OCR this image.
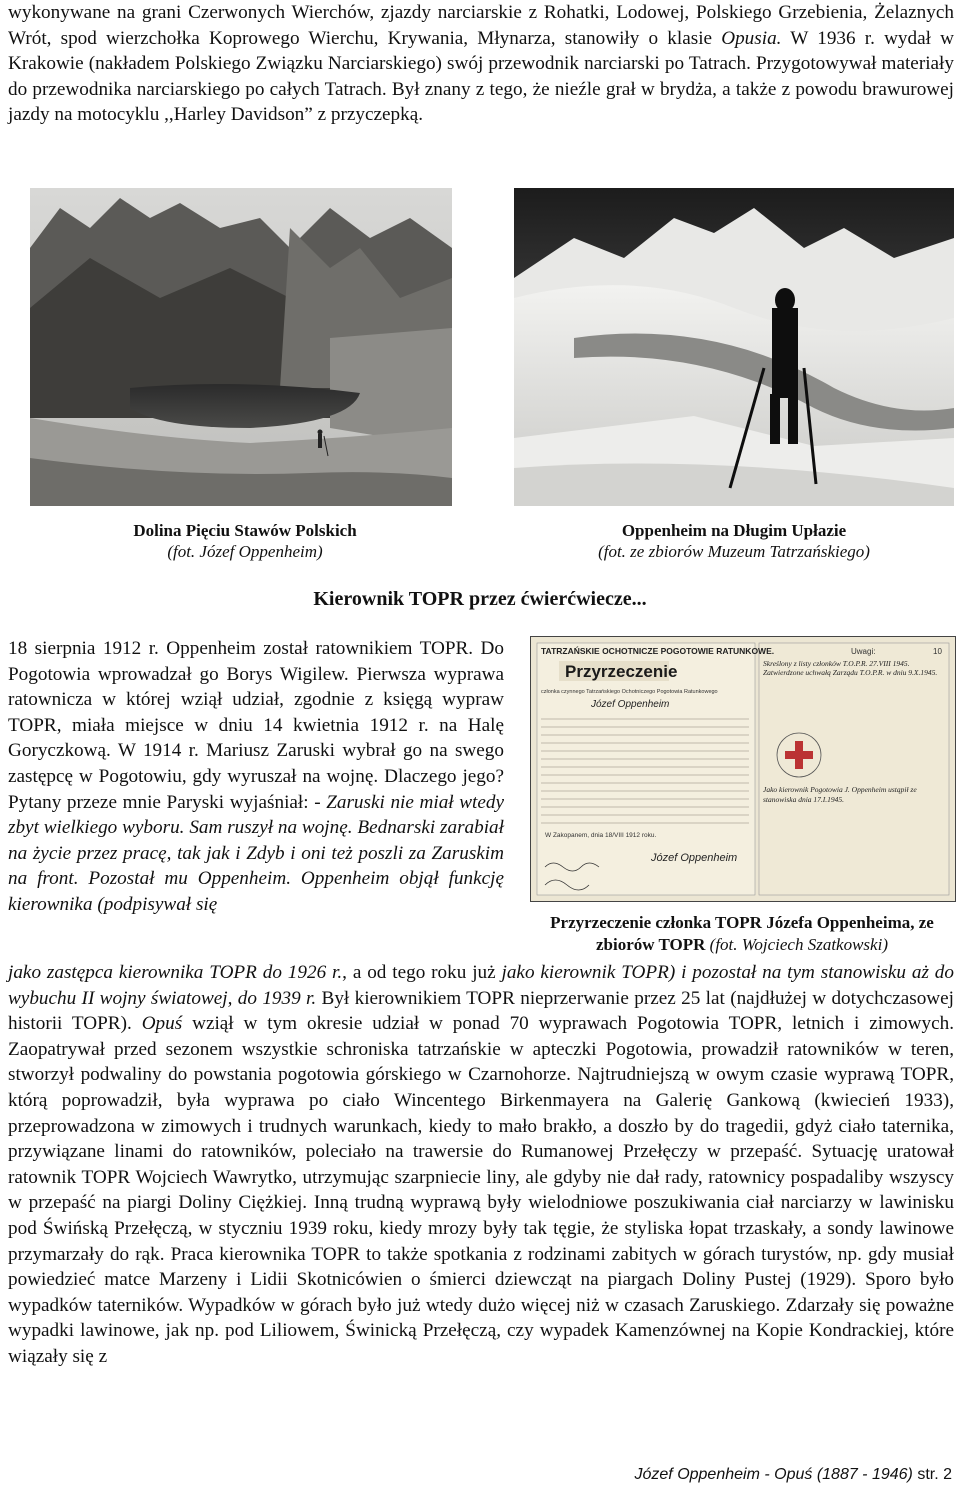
wykonywane na grani Czerwonych Wierchów, zjazdy narciarskie z Rohatki, Lodowej, Polskiego Grzebienia, Żelaznych Wrót, spod wierzchołka Koprowego Wierchu, Krywania, Młynarza, stanowiły o klasie Opusia. W 1936 r. wydał w Krakowie (nakładem Polskiego Związku Narciarskiego) swój przewodnik narciarski po Tatrach. Przygotowywał materiały do przewodnika narciarskiego po całych Tatrach. Był znany z tego, że nieźle grał w brydża, a także z powodu brawurowej jazdy na motocyklu ,,Harley Davidson” z przyczepką.

Dolina Pięciu Stawów Polskich
(fot. Józef Oppenheim)
Oppenheim na Długim Upłazie
(fot. ze zbiorów Muzeum Tatrzańskiego)
Kierownik TOPR przez ćwierćwiecze...

18 sierpnia 1912 r. Oppenheim został ratownikiem TOPR. Do Pogotowia wprowadzał go Borys Wigilew. Pierwsza wyprawa ratownicza w której wziął udział, zgodnie z księgą wypraw TOPR, miała miejsce w dniu 14 kwietnia 1912 r. na Halę Goryczkową. W 1914 r. Mariusz Zaruski wybrał go na swego zastępcę w Pogotowiu, gdy wyruszał na wojnę. Dlaczego jego? Pytany przeze mnie Paryski wyjaśniał: - Zaruski nie miał wtedy zbyt wielkiego wyboru. Sam ruszył na wojnę. Bednarski zarabiał na życie przez pracę, tak jak i Zdyb i oni też poszli za Zaruskim na front. Pozostał mu Oppenheim. Oppenheim objął funkcję kierownika (podpisywał się

TATRZAŃSKIE OCHOTNICZE POGOTOWIE RATUNKOWE.	Uwagi:	10
Przyrzeczenie
członka czynnego Tatrzańskiego Ochotniczego Pogotowia Ratunkowego
Józef Oppenheim
W Zakopanem, dnia 18/VIII 1912 roku.
Józef Oppenheim
Skreślony z listy członków T.O.P.R. 27.VIII 1945. Zatwierdzone uchwałą Zarządu T.O.P.R. w dniu 9.X.1945.
Jako kierownik Pogotowia J. Oppenheim ustąpił ze stanowiska dnia 17.I.1945.
Przyrzeczenie członka TOPR Józefa Oppenheima, ze zbiorów TOPR (fot. Wojciech Szatkowski)

jako zastępca kierownika TOPR do 1926 r., a od tego roku już jako kierownik TOPR) i pozostał na tym stanowisku aż do wybuchu II wojny światowej, do 1939 r. Był kierownikiem TOPR nieprzerwanie przez 25 lat (najdłużej w dotychczasowej historii TOPR). Opuś wziął w tym okresie udział w ponad 70 wyprawach Pogotowia TOPR, letnich i zimowych. Zaopatrywał przed sezonem wszystkie schroniska tatrzańskie w apteczki Pogotowia, prowadził ratowników w teren, stworzył podwaliny do powstania pogotowia górskiego w Czarnohorze. Najtrudniejszą w owym czasie wyprawą TOPR, którą poprowadził, była wyprawa po ciało Wincentego Birkenmayera na Galerię Gankową (kwiecień 1933), przeprowadzona w zimowych i trudnych warunkach, kiedy to mało brakło, a doszło by do tragedii, gdyż ciało taternika, przywiązane linami do ratowników, poleciało na trawersie do Rumanowej Przełęczy w przepaść. Sytuację uratował ratownik TOPR Wojciech Wawrytko, utrzymując szarpniecie liny, ale gdyby nie dał rady, ratownicy pospadaliby wszyscy w przepaść na piargi Doliny Ciężkiej. Inną trudną wyprawą były wielodniowe poszukiwania ciał narciarzy w lawinisku pod Świńską Przełęczą, w styczniu 1939 roku, kiedy mrozy były tak tęgie, że styliska łopat trzaskały, a sondy lawinowe przymarzały do rąk. Praca kierownika TOPR to także spotkania z rodzinami zabitych w górach turystów, np. gdy musiał powiedzieć matce Marzeny i Lidii Skotnicówien o śmierci dziewcząt na piargach Doliny Pustej (1929). Sporo było wypadków taterników. Wypadków w górach było już wtedy dużo więcej niż w czasach Zaruskiego. Zdarzały się poważne wypadki lawinowe, jak np. pod Liliowem, Świnicką Przełęczą, czy wypadek Kamenzównej na Kopie Kondrackiej, które wiązały się z

Józef Oppenheim - Opuś (1887 - 1946) str. 2
